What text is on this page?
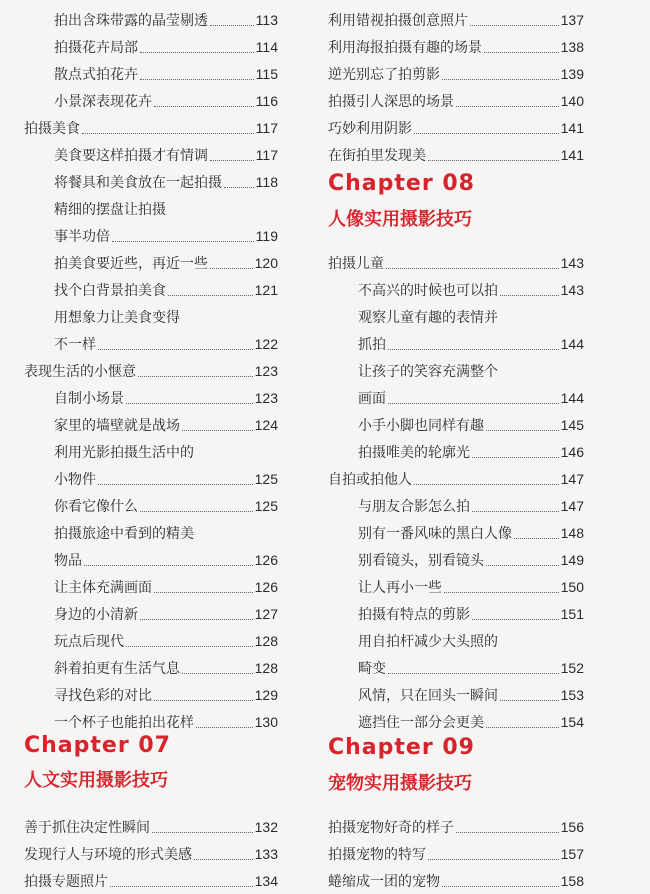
拍出含珠带露的晶莹剔透	113
拍摄花卉局部	114
散点式拍花卉	115
小景深表现花卉	116
拍摄美食	117
美食要这样拍摄才有情调	117
将餐具和美食放在一起拍摄 118
精细的摆盘让拍摄
事半功倍	119
拍美食要近些，再近一些	120
找个白背景拍美食	121
用想象力让美食变得
不一样	122
表现生活的小惬意	123
自制小场景	123
家里的墙壁就是战场	124
利用光影拍摄生活中的
小物件	125
你看它像什么	125
拍摄旅途中看到的精美
物品	126
让主体充满画面	126
身边的小清新	127
玩点后现代	128
斜着拍更有生活气息	128
寻找色彩的对比	129
一个杯子也能拍出花样	130
善于抓住决定性瞬间	132
发现行人与环境的形式美感	133
拍摄专题照片	134
Chapter 07
人文实用摄影技巧
利用错视拍摄创意照片	137
利用海报拍摄有趣的场景	138
逆光别忘了拍剪影	139
拍摄引人深思的场景	140
巧妙利用阴影	141
在街拍里发现美	141
拍摄儿童	143
不高兴的时候也可以拍	143
观察儿童有趣的表情并
抓拍	144
让孩子的笑容充满整个
画面	144
小手小脚也同样有趣	145
拍摄唯美的轮廓光	146
自拍或拍他人	147
与朋友合影怎么拍	147
别有一番风味的黑白人像	148
别看镜头，别看镜头	149
让人再小一些	150
拍摄有特点的剪影	151
用自拍杆减少大头照的
畸变	152
风情，只在回头一瞬间	153
遮挡住一部分会更美	154
拍摄宠物好奇的样子	156
拍摄宠物的特写	157
蜷缩成一团的宠物	158
Chapter 08
人像实用摄影技巧
Chapter 09
宠物实用摄影技巧
